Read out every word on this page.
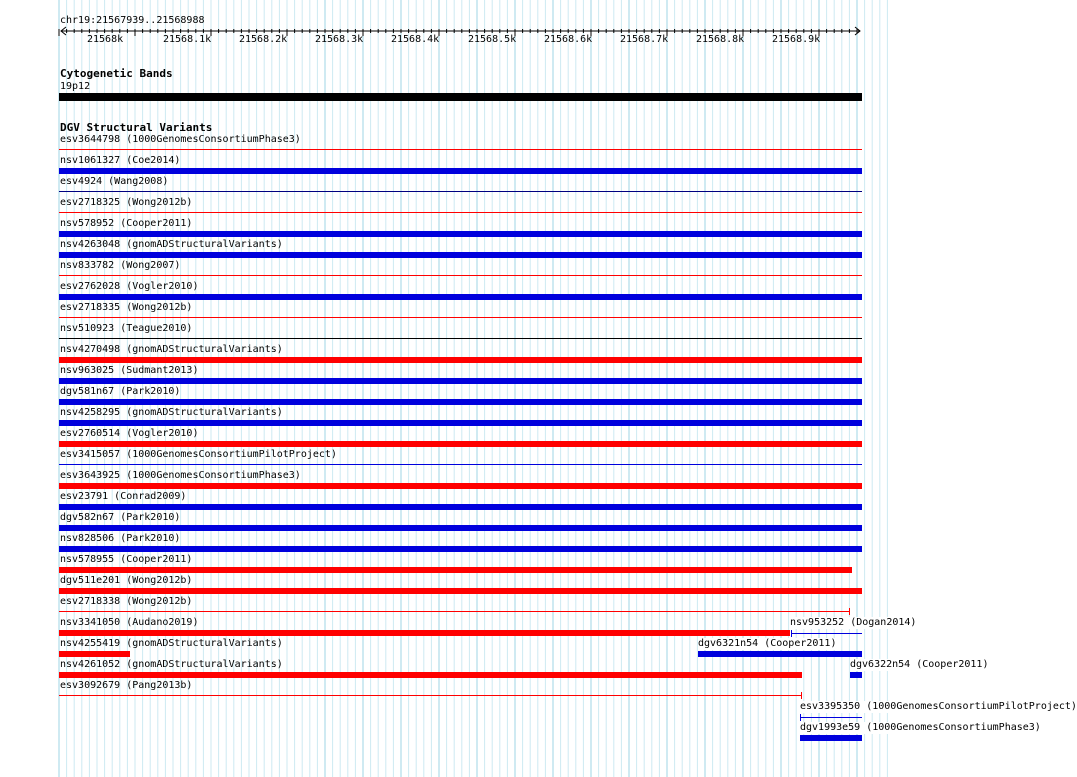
chr19:21567939..21568988
21568k	21568.1k	21568.2k	21568.3k	21568.4k	21568.5k	21568.6k	21568.7k	21568.8k	21568.9k
Cytogenetic Bands
19p12
DGV Structural Variants
esv3644798 (1000GenomesConsortiumPhase3)
nsv1061327 (Coe2014)
esv4924 (Wang2008)
esv2718325 (Wong2012b)
nsv578952 (Cooper2011)
nsv4263048 (gnomADStructuralVariants)
nsv833782 (Wong2007)
esv2762028 (Vogler2010)
esv2718335 (Wong2012b)
nsv510923 (Teague2010)
nsv4270498 (gnomADStructuralVariants)
nsv963025 (Sudmant2013)
dgv581n67 (Park2010)
nsv4258295 (gnomADStructuralVariants)
esv2760514 (Vogler2010)
esv3415057 (1000GenomesConsortiumPilotProject)
esv3643925 (1000GenomesConsortiumPhase3)
esv23791 (Conrad2009)
dgv582n67 (Park2010)
nsv828506 (Park2010)
nsv578955 (Cooper2011)
dgv511e201 (Wong2012b)
esv2718338 (Wong2012b)
nsv3341050 (Audano2019)
nsv4255419 (gnomADStructuralVariants)
nsv4261052 (gnomADStructuralVariants)
esv3092679 (Pang2013b)
nsv953252 (Dogan2014)
dgv6321n54 (Cooper2011)
dgv6322n54 (Cooper2011)
esv3395350 (1000GenomesConsortiumPilotProject)
dgv1993e59 (1000GenomesConsortiumPhase3)
